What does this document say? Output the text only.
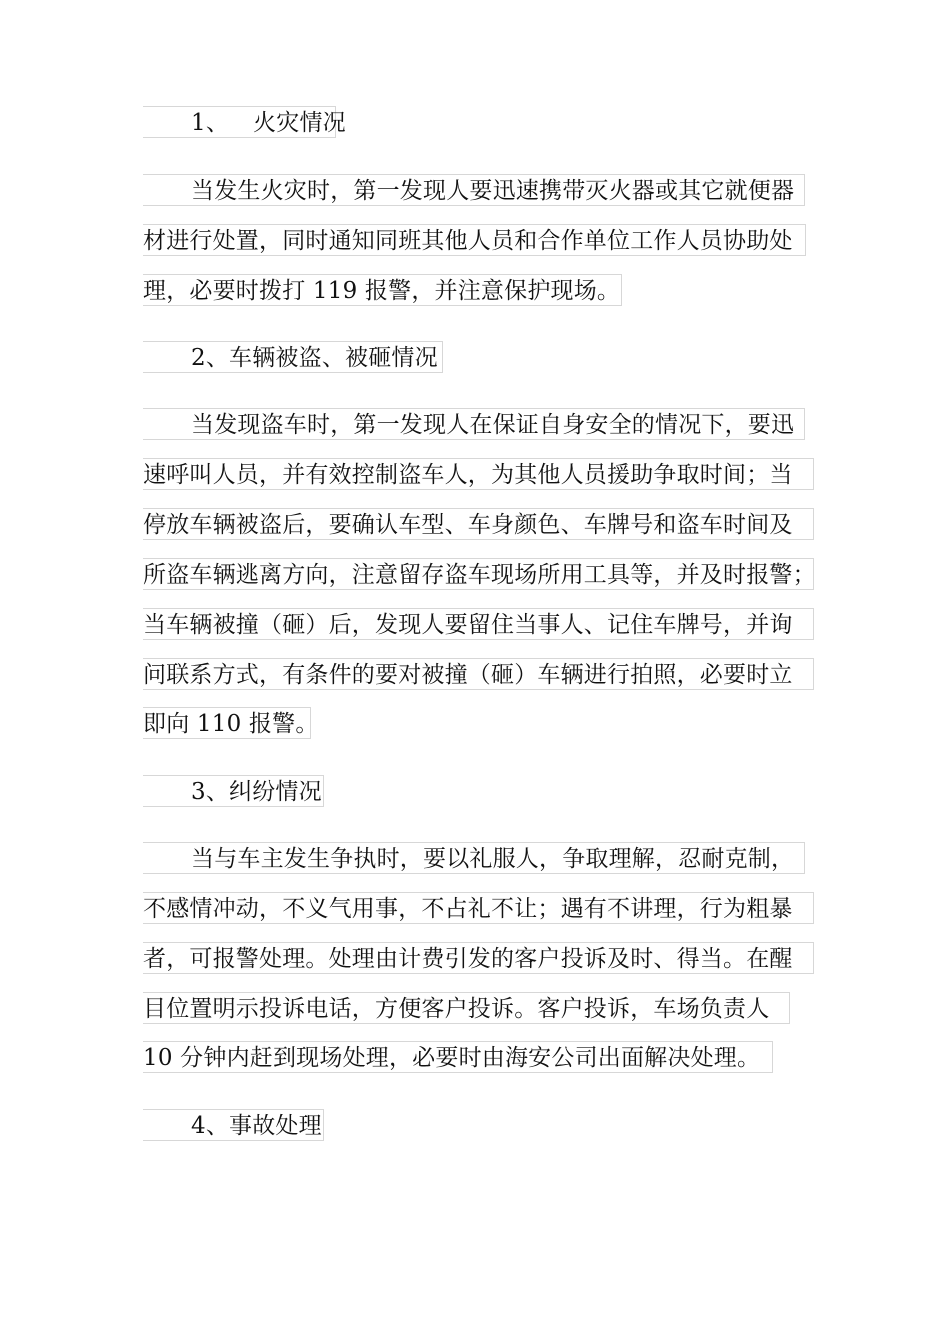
1、 火灾情况
当发生火灾时，第一发现人要迅速携带灭火器或其它就便器
材进行处置，同时通知同班其他人员和合作单位工作人员协助处
理，必要时拨打 119 报警，并注意保护现场。
2、车辆被盗、被砸情况
当发现盗车时，第一发现人在保证自身安全的情况下，要迅
速呼叫人员，并有效控制盗车人，为其他人员援助争取时间；当
停放车辆被盗后，要确认车型、车身颜色、车牌号和盗车时间及
所盗车辆逃离方向，注意留存盗车现场所用工具等，并及时报警；
当车辆被撞（砸）后，发现人要留住当事人、记住车牌号，并询
问联系方式，有条件的要对被撞（砸）车辆进行拍照，必要时立
即向 110 报警。
3、纠纷情况
当与车主发生争执时，要以礼服人，争取理解，忍耐克制，
不感情冲动，不义气用事，不占礼不让；遇有不讲理，行为粗暴
者，可报警处理。处理由计费引发的客户投诉及时、得当。在醒
目位置明示投诉电话，方便客户投诉。客户投诉，车场负责人
10 分钟内赶到现场处理，必要时由海安公司出面解决处理。
4、事故处理
